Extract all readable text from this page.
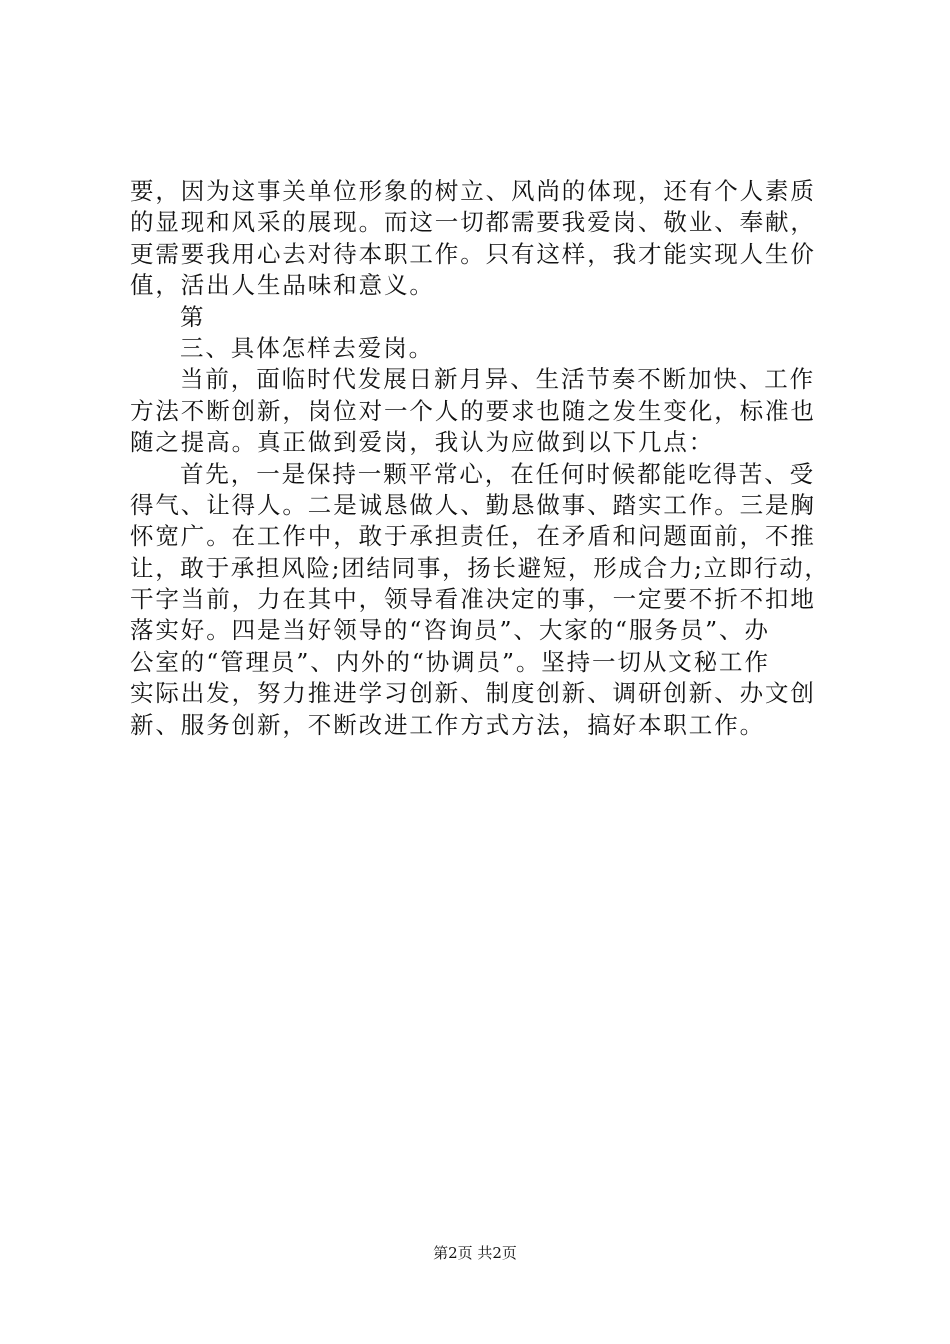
要，因为这事关单位形象的树立、风尚的体现，还有个人素质
的显现和风采的展现。而这一切都需要我爱岗、敬业、奉献，
更需要我用心去对待本职工作。只有这样，我才能实现人生价
值，活出人生品味和意义。
第
三、具体怎样去爱岗。
当前，面临时代发展日新月异、生活节奏不断加快、工作
方法不断创新，岗位对一个人的要求也随之发生变化，标准也
随之提高。真正做到爱岗，我认为应做到以下几点：
首先，一是保持一颗平常心，在任何时候都能吃得苦、受
得气、让得人。二是诚恳做人、勤恳做事、踏实工作。三是胸
怀宽广。在工作中，敢于承担责任，在矛盾和问题面前，不推
让，敢于承担风险;团结同事，扬长避短，形成合力;立即行动，
干字当前，力在其中，领导看准决定的事，一定要不折不扣地
落实好。四是当好领导的“咨询员”、大家的“服务员”、办
公室的“管理员”、内外的“协调员”。坚持一切从文秘工作
实际出发，努力推进学习创新、制度创新、调研创新、办文创
新、服务创新，不断改进工作方式方法，搞好本职工作。
第2页 共2页
